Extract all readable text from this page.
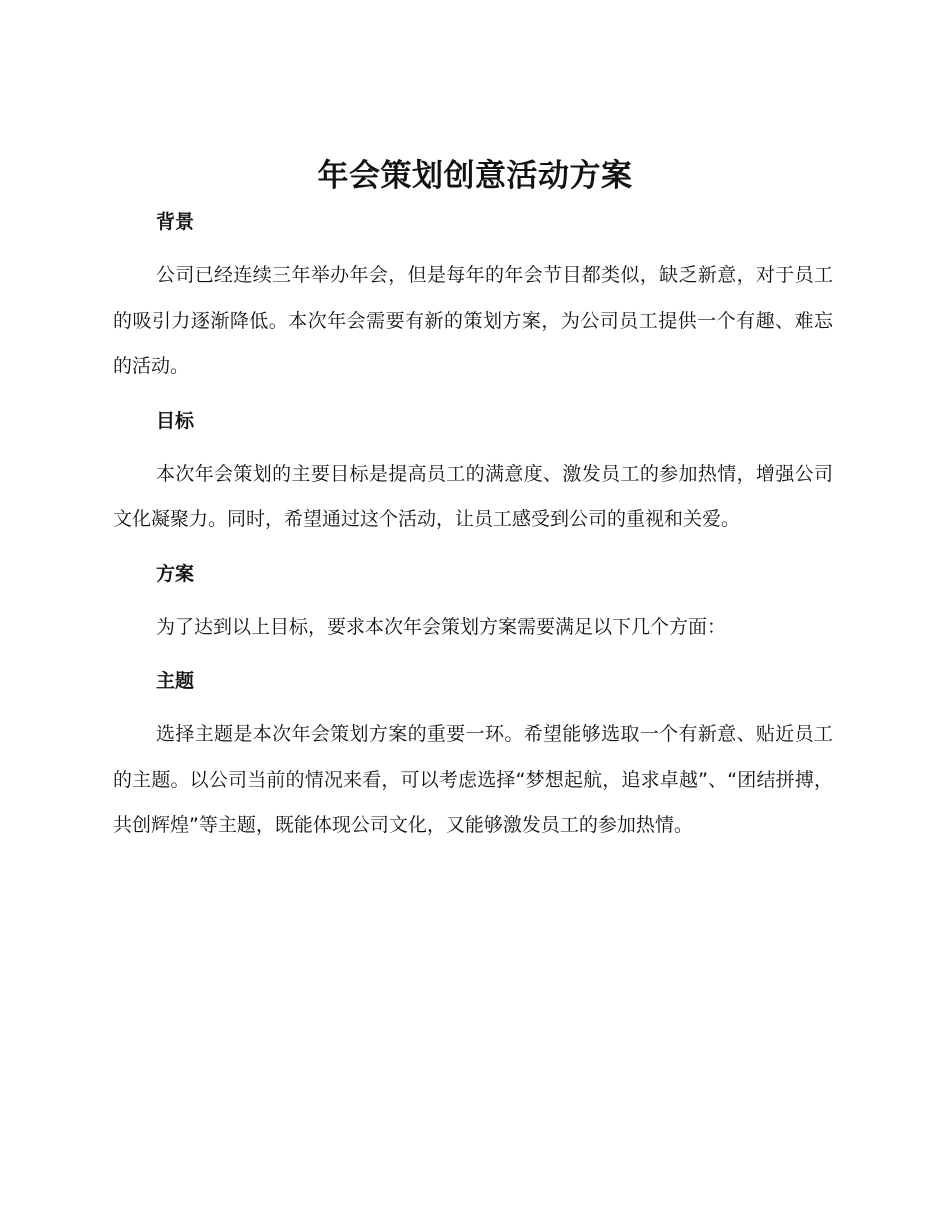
年会策划创意活动方案
背景

公司已经连续三年举办年会，但是每年的年会节目都类似，缺乏新意，对于员工的吸引力逐渐降低。本次年会需要有新的策划方案，为公司员工提供一个有趣、难忘的活动。

目标

本次年会策划的主要目标是提高员工的满意度、激发员工的参加热情，增强公司文化凝聚力。同时，希望通过这个活动，让员工感受到公司的重视和关爱。

方案

为了达到以上目标，要求本次年会策划方案需要满足以下几个方面：

主题

选择主题是本次年会策划方案的重要一环。希望能够选取一个有新意、贴近员工的主题。以公司当前的情况来看，可以考虑选择“梦想起航，追求卓越”、“团结拼搏，共创辉煌”等主题，既能体现公司文化，又能够激发员工的参加热情。
